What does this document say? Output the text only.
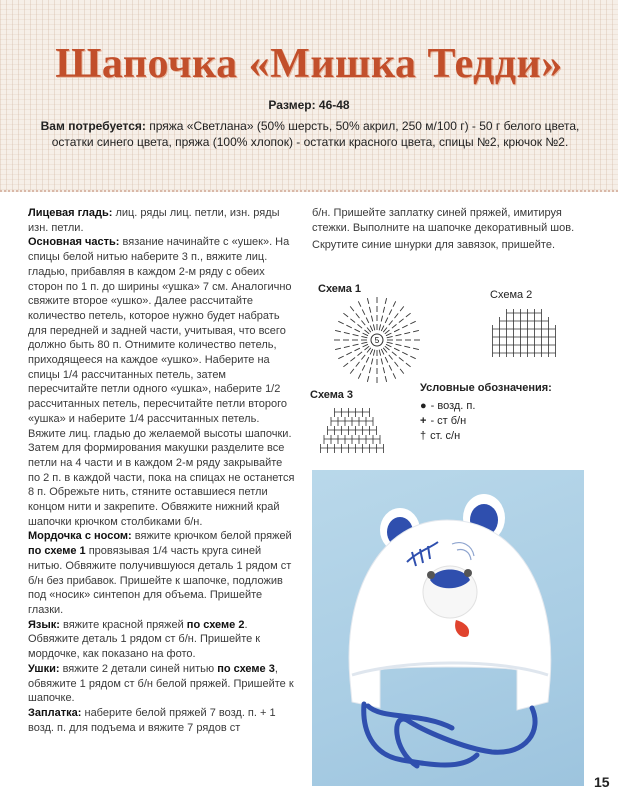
Шапочка «Мишка Тедди»
Размер: 46-48
Вам потребуется: пряжа «Светлана» (50% шерсть, 50% акрил, 250 м/100 г) - 50 г белого цвета, остатки синего цвета, пряжа (100% хлопок) - остатки красного цвета, спицы №2, крючок №2.

Лицевая гладь: лиц. ряды лиц. петли, изн. ряды изн. петли.

Основная часть: вязание начинайте с «ушек». На спицы белой нитью наберите 3 п., вяжите лиц. гладью, прибавляя в каждом 2-м ряду с обеих сторон по 1 п. до ширины «ушка» 7 см. Аналогично свяжите второе «ушко». Далее рассчитайте количество петель, которое нужно будет набрать для передней и задней части, учитывая, что всего должно быть 80 п. Отнимите количество петель, приходящееся на каждое «ушко». Наберите на спицы 1/4 рассчитанных петель, затем пересчитайте петли одного «ушка», наберите 1/2 рассчитанных петель, пересчитайте петли второго «ушка» и наберите 1/4 рассчитанных петель. Вяжите лиц. гладью до желаемой высоты шапочки. Затем для формирования макушки разделите все петли на 4 части и в каждом 2-м ряду закрывайте по 2 п. в каждой части, пока на спицах не останется 8 п. Обрежьте нить, стяните оставшиеся петли концом нити и закрепите. Обвяжите нижний край шапочки крючком столбиками б/н.

Мордочка с носом: вяжите крючком белой пряжей по схеме 1 провязывая 1/4 часть круга синей нитью. Обвяжите получившуюся деталь 1 рядом ст б/н без прибавок. Пришейте к шапочке, подложив под «носик» синтепон для объема. Пришейте глазки.

Язык: вяжите красной пряжей по схеме 2. Обвяжите деталь 1 рядом ст б/н. Пришейте к мордочке, как показано на фото.

Ушки: вяжите 2 детали синей нитью по схеме 3, обвяжите 1 рядом ст б/н белой пряжей. Пришейте к шапочке.

Заплатка: наберите белой пряжей 7 возд. п. + 1 возд. п. для подъема и вяжите 7 рядов ст

б/н. Пришейте заплатку синей пряжей, имитируя стежки. Выполните на шапочке декоративный шов.

Скрутите синие шнурки для завязок, пришейте.

Схема 1	Схема 2
Схема 3
5
Условные обозначения:
● - возд. п.
+ - ст б/н
† ст. с/н
15
